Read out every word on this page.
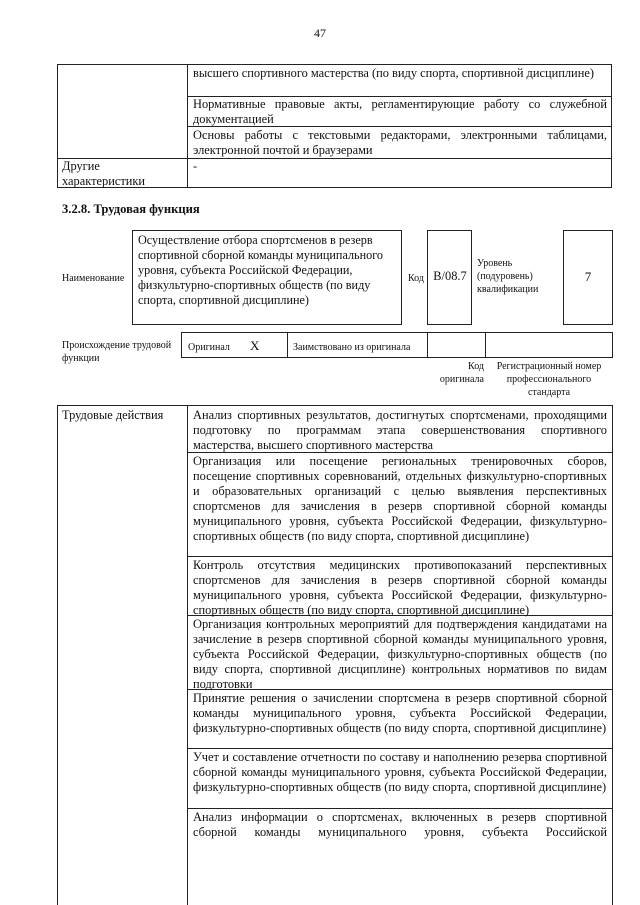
47
высшего спортивного мастерства (по виду спорта, спортивной дисциплине)
Нормативные правовые акты, регламентирующие работу со служебной документацией
Основы работы с текстовыми редакторами, электронными таблицами, электронной почтой и браузерами
Другие характеристики
-
3.2.8. Трудовая функция
Наименование
Осуществление отбора спортсменов в резерв спортивной сборной команды муниципального уровня, субъекта Российской Федерации, физкультурно-спортивных обществ (по виду спорта, спортивной дисциплине)
Код B/08.7
Уровень (подуровень) квалификации
7
Происхождение трудовой функции
Оригинал X	Заимствовано из оригинала
Код оригинала
Регистрационный номер профессионального стандарта
Трудовые действия	Анализ спортивных результатов, достигнутых спортсменами, проходящими подготовку по программам этапа совершенствования спортивного мастерства, высшего спортивного мастерства
Организация или посещение региональных тренировочных сборов, посещение спортивных соревнований, отдельных физкультурно-спортивных и образовательных организаций с целью выявления перспективных спортсменов для зачисления в резерв спортивной сборной команды муниципального уровня, субъекта Российской Федерации, физкультурно-спортивных обществ (по виду спорта, спортивной дисциплине)
Контроль отсутствия медицинских противопоказаний перспективных спортсменов для зачисления в резерв спортивной сборной команды муниципального уровня, субъекта Российской Федерации, физкультурно-спортивных обществ (по виду спорта, спортивной дисциплине)
Организация контрольных мероприятий для подтверждения кандидатами на зачисление в резерв спортивной сборной команды муниципального уровня, субъекта Российской Федерации, физкультурно-спортивных обществ (по виду спорта, спортивной дисциплине) контрольных нормативов по видам подготовки
Принятие решения о зачислении спортсмена в резерв спортивной сборной команды муниципального уровня, субъекта Российской Федерации, физкультурно-спортивных обществ (по виду спорта, спортивной дисциплине)
Учет и составление отчетности по составу и наполнению резерва спортивной сборной команды муниципального уровня, субъекта Российской Федерации, физкультурно-спортивных обществ (по виду спорта, спортивной дисциплине)
Анализ информации о спортсменах, включенных в резерв спортивной сборной команды муниципального уровня, субъекта Российской
